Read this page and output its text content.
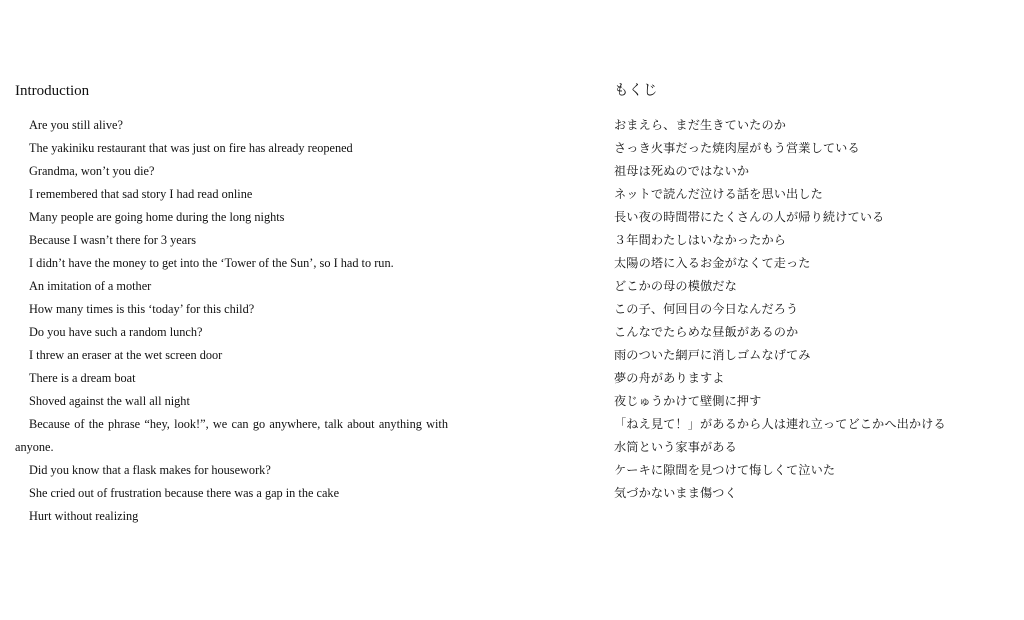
Introduction
Are you still alive?
The yakiniku restaurant that was just on fire has already reopened
Grandma, won’t you die?
I remembered that sad story I had read online
Many people are going home during the long nights
Because I wasn’t there for 3 years
I didn’t have the money to get into the ‘Tower of the Sun’, so I had to run.
An imitation of a mother
How many times is this ‘today’ for this child?
Do you have such a random lunch?
I threw an eraser at the wet screen door
There is a dream boat
Shoved against the wall all night
Because of the phrase “hey, look!”, we can go anywhere, talk about anything with anyone.
Did you know that a flask makes for housework?
She cried out of frustration because there was a gap in the cake
Hurt without realizing
もくじ
おまえら、まだ生きていたのか
さっき火事だった焼肉屋がもう営業している
祖母は死ぬのではないか
ネットで読んだ泣ける話を思い出した
長い夜の時間帯にたくさんの人が帰り続けている
３年間わたしはいなかったから
太陽の塔に入るお金がなくて走った
どこかの母の模倣だな
この子、何回目の今日なんだろう
こんなでたらめな昼飯があるのか
雨のついた網戸に消しゴムなげてみ
夢の舟がありますよ
夜じゅうかけて壁側に押す
「ねえ見て！」があるから人は連れ立ってどこかへ出かける
水筒という家事がある
ケーキに隙間を見つけて悔しくて泣いた
気づかないまま傷つく
